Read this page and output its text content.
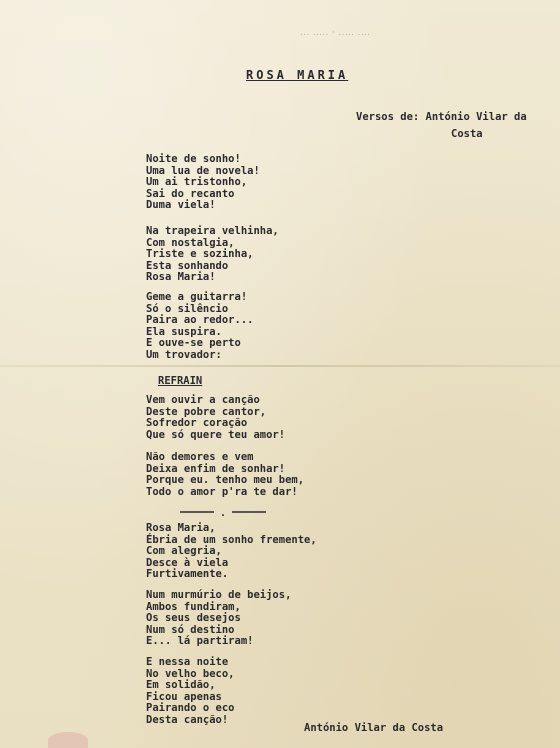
... ..... · ..... ....
ROSA MARIA
Versos de: António Vilar da
Costa
Noite de sonho!
Uma lua de novela!
Um ai tristonho,
Sai do recanto
Duma viela!
Na trapeira velhinha,
Com nostalgia,
Triste e sozinha,
Esta sonhando
Rosa Maria!
Geme a guitarra!
Só o silêncio
Paira ao redor...
Ela suspira.
E ouve-se perto
Um trovador:
REFRAIN
Vem ouvir a canção
Deste pobre cantor,
Sofredor coração
Que só quere teu amor!
Não demores e vem
Deixa enfim de sonhar!
Porque eu. tenho meu bem,
Todo o amor p'ra te dar!
.
Rosa Maria,
Ébria de um sonho fremente,
Com alegria,
Desce à viela
Furtivamente.
Num murmúrio de beijos,
Ambos fundiram,
Os seus desejos
Num só destino
E... lá partiram!
E nessa noite
No velho beco,
Em solidão,
Ficou apenas
Pairando o eco
Desta canção!
António Vilar da Costa
